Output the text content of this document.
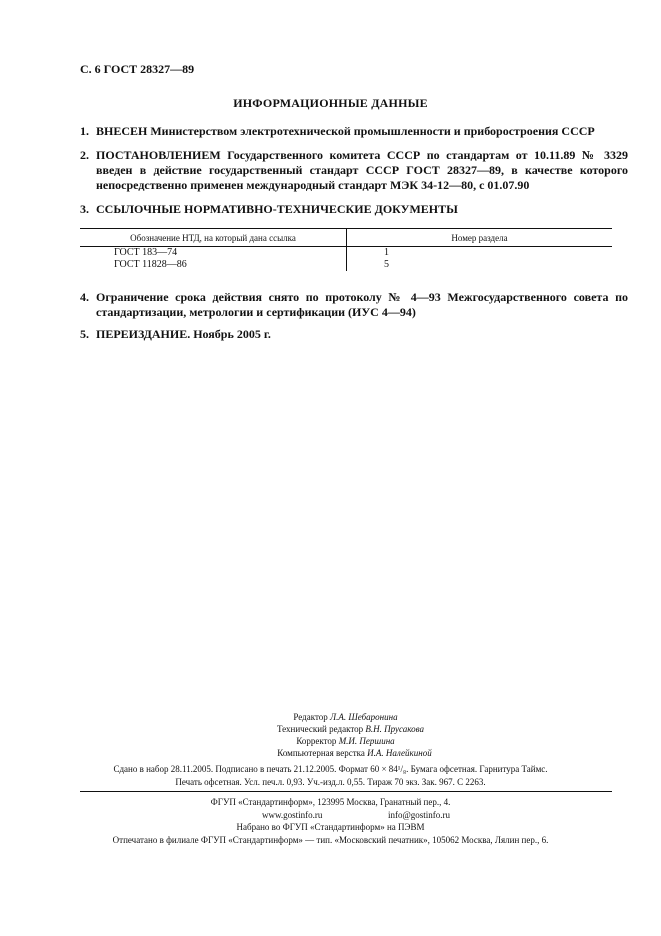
С. 6 ГОСТ 28327—89
ИНФОРМАЦИОННЫЕ ДАННЫЕ
1. ВНЕСЕН Министерством электротехнической промышленности и приборостроения СССР
2. ПОСТАНОВЛЕНИЕМ Государственного комитета СССР по стандартам от 10.11.89 № 3329 введен в действие государственный стандарт СССР ГОСТ 28327—89, в качестве которого непосредственно применен международный стандарт МЭК 34-12—80, с 01.07.90
3. ССЫЛОЧНЫЕ НОРМАТИВНО-ТЕХНИЧЕСКИЕ ДОКУМЕНТЫ
Обозначение НТД, на который дана ссылка	Номер раздела
ГОСТ 183—74	1
ГОСТ 11828—86	5
4. Ограничение срока действия снято по протоколу № 4—93 Межгосударственного совета по стандартизации, метрологии и сертификации (ИУС 4—94)
5. ПЕРЕИЗДАНИЕ. Ноябрь 2005 г.
Редактор Л.А. Шебаронина
Технический редактор В.Н. Прусакова
Корректор М.И. Першина
Компьютерная верстка И.А. Налейкиной
Сдано в набор 28.11.2005. Подписано в печать 21.12.2005. Формат 60 × 84¹/₈. Бумага офсетная. Гарнитура Таймс.
Печать офсетная. Усл. печ.л. 0,93. Уч.-изд.л. 0,55. Тираж 70 экз. Зак. 967. С 2263.
ФГУП «Стандартинформ», 123995 Москва, Гранатный пер., 4.
www.gostinfo.ru	info@gostinfo.ru
Набрано во ФГУП «Стандартинформ» на ПЭВМ
Отпечатано в филиале ФГУП «Стандартинформ» — тип. «Московский печатник», 105062 Москва, Лялин пер., 6.
